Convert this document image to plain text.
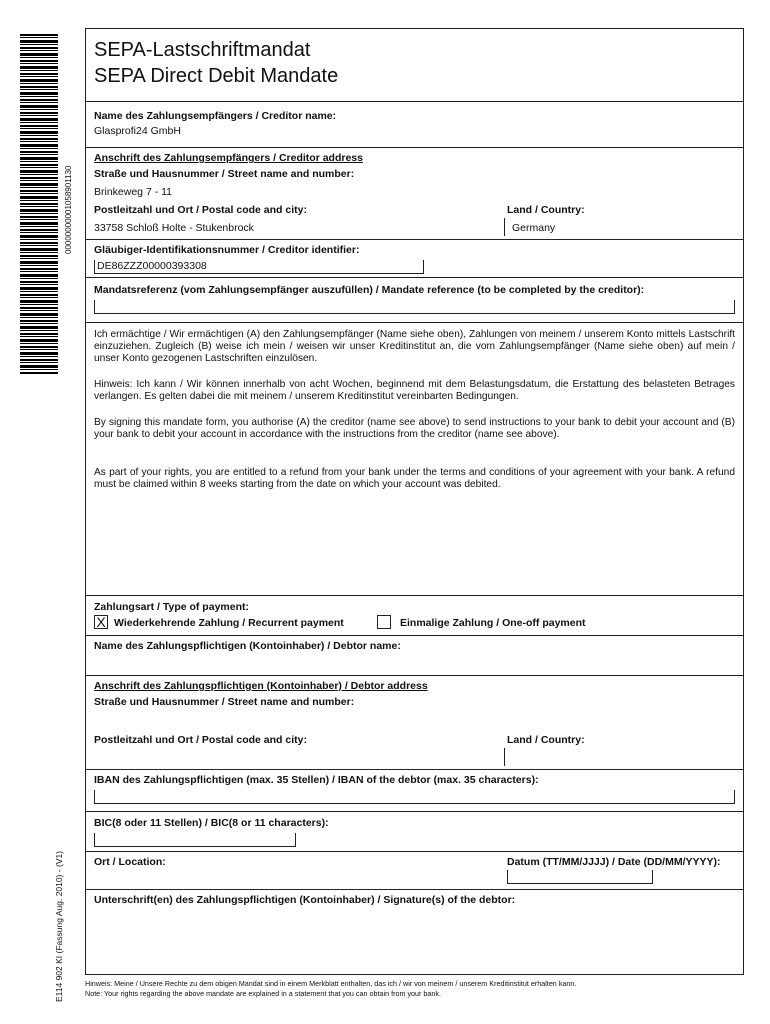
00000000001058901130
E114 902 KI (Fassung Aug. 2010) - (V1)
SEPA-Lastschriftmandat
SEPA Direct Debit Mandate
Name des Zahlungsempfängers / Creditor name:
Glasprofi24 GmbH
Anschrift des Zahlungsempfängers / Creditor address
Straße und Hausnummer / Street name and number:
Brinkeweg 7 - 11
Postleitzahl und Ort / Postal code and city:
33758 Schloß Holte - Stukenbrock
Land / Country:
Germany
Gläubiger-Identifikationsnummer / Creditor identifier:
DE86ZZZ00000393308
Mandatsreferenz (vom Zahlungsempfänger auszufüllen) / Mandate reference (to be completed by the creditor):
Ich ermächtige / Wir ermächtigen (A) den Zahlungsempfänger (Name siehe oben), Zahlungen von meinem / unserem Konto mittels Lastschrift einzuziehen. Zugleich (B) weise ich mein / weisen wir unser Kreditinstitut an, die vom Zahlungsempfänger (Name siehe oben) auf mein / unser Konto gezogenen Lastschriften einzulösen.
Hinweis: Ich kann / Wir können innerhalb von acht Wochen, beginnend mit dem Belastungsdatum, die Erstattung des belasteten Betrages verlangen. Es gelten dabei die mit meinem / unserem Kreditinstitut vereinbarten Bedingungen.
By signing this mandate form, you authorise (A) the creditor (name see above) to send instructions to your bank to debit your account and (B) your bank to debit your account in accordance with the instructions from the creditor (name see above).
As part of your rights, you are entitled to a refund from your bank under the terms and conditions of your agreement with your bank. A refund must be claimed within 8 weeks starting from the date on which your account was debited.
Zahlungsart / Type of payment:
X Wiederkehrende Zahlung / Recurrent payment	Einmalige Zahlung / One-off payment
Name des Zahlungspflichtigen (Kontoinhaber) / Debtor name:
Anschrift des Zahlungspflichtigen (Kontoinhaber) / Debtor address
Straße und Hausnummer / Street name and number:
Postleitzahl und Ort / Postal code and city:	Land / Country:
IBAN des Zahlungspflichtigen (max. 35 Stellen) / IBAN of the debtor (max. 35 characters):
BIC(8 oder 11 Stellen) / BIC(8 or 11 characters):
Ort / Location:	Datum (TT/MM/JJJJ) / Date (DD/MM/YYYY):
Unterschrift(en) des Zahlungspflichtigen (Kontoinhaber) / Signature(s) of the debtor:
Hinweis: Meine / Unsere Rechte zu dem obigen Mandat sind in einem Merkblatt enthalten, das ich / wir von meinem / unserem Kreditinstitut erhalten kann.
Note: Your rights regarding the above mandate are explained in a statement that you can obtain from your bank.
